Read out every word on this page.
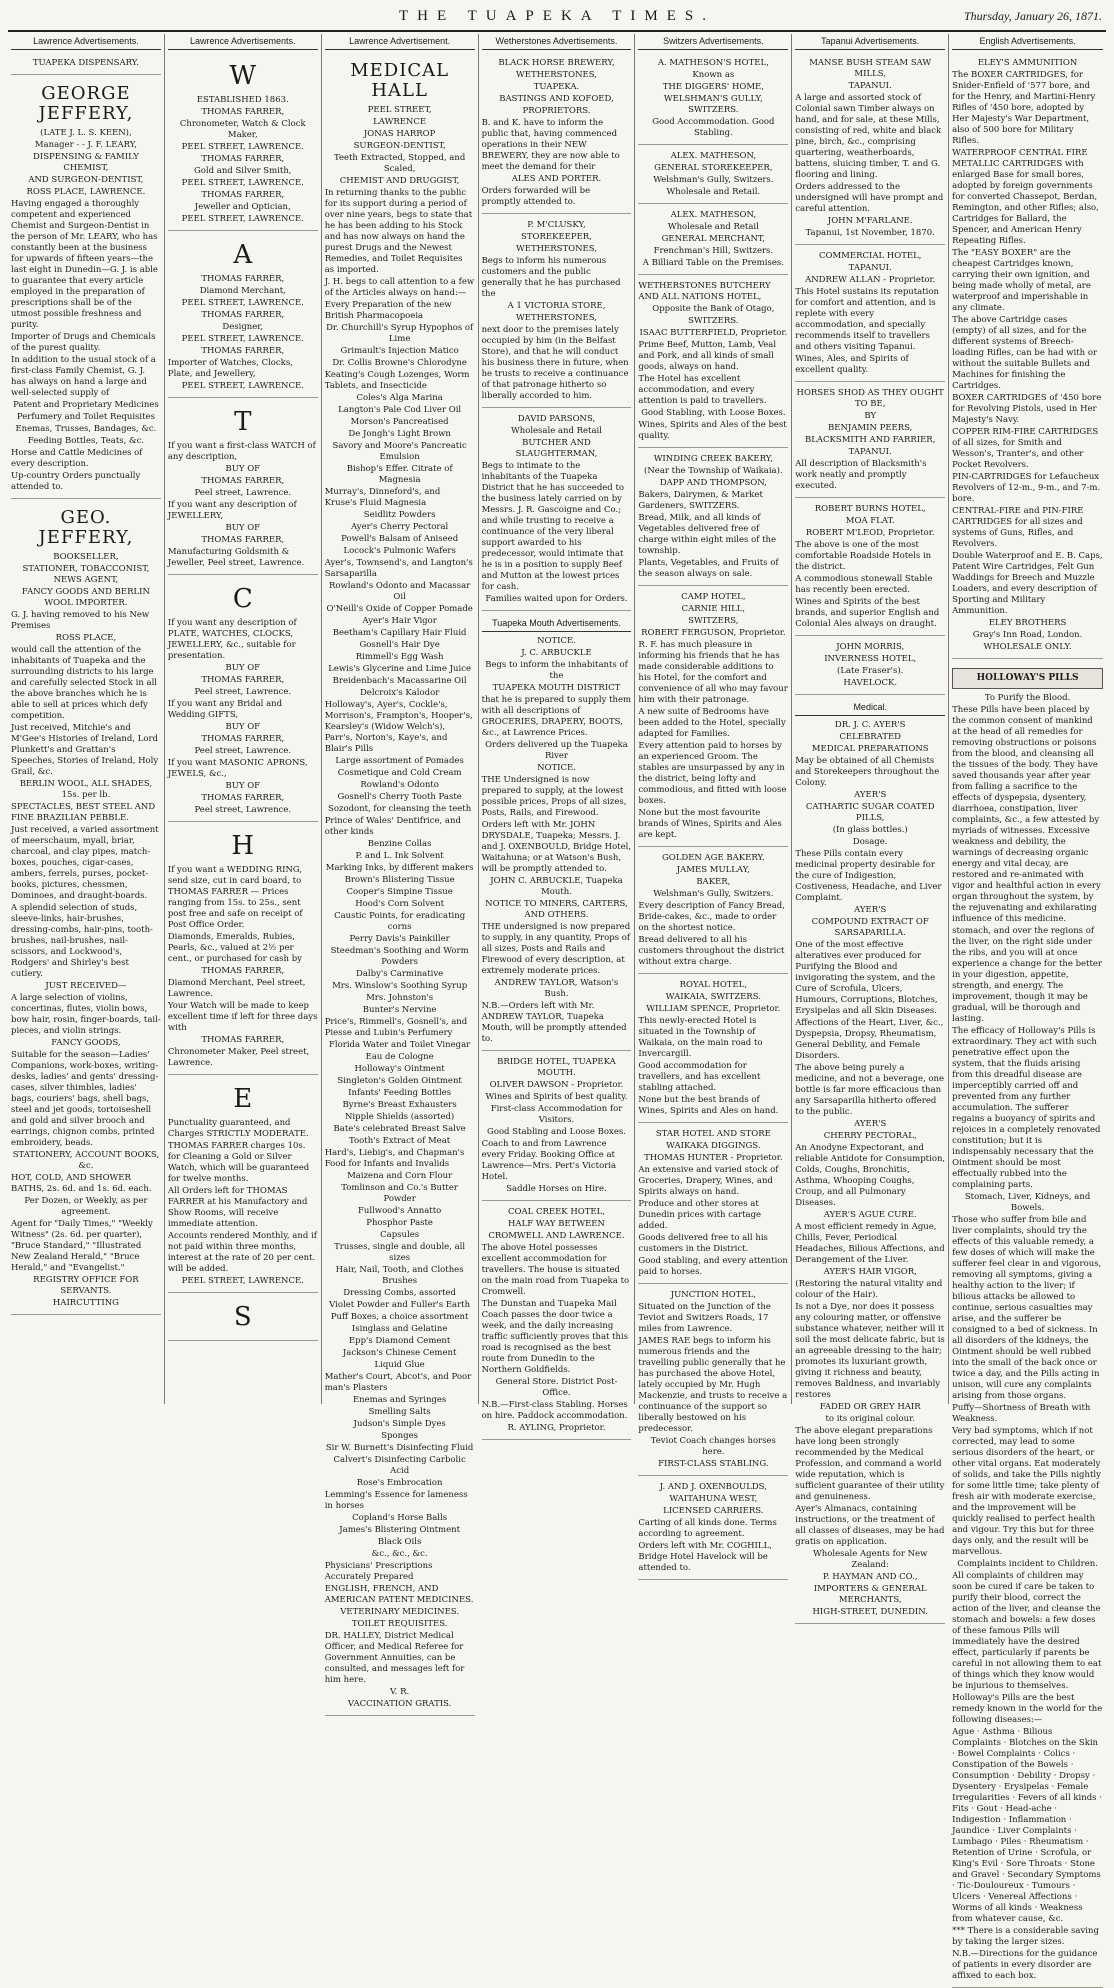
THE TUAPEKA TIMES.	Thursday, January 26, 1871.
Lawrence Advertisements.
TUAPEKA DISPENSARY.
GEORGE JEFFERY,
(LATE J. L. S. KEEN),
Manager - - J. F. LEARY,
DISPENSING & FAMILY CHEMIST,
AND SURGEON-DENTIST,
ROSS PLACE, LAWRENCE.
Having engaged a thoroughly competent and experienced Chemist and Surgeon-Dentist in the person of Mr. LEARY, who has constantly been at the business for upwards of fifteen years—the last eight in Dunedin—G. J. is able to guarantee that every article employed in the preparation of prescriptions shall be of the utmost possible freshness and purity.
Importer of Drugs and Chemicals of the purest quality.
In addition to the usual stock of a first-class Family Chemist, G. J. has always on hand a large and well-selected supply of
Patent and Proprietary Medicines
Perfumery and Toilet Requisites
Enemas, Trusses, Bandages, &c.
Feeding Bottles, Teats, &c.
Horse and Cattle Medicines of every description.
Up-country Orders punctually attended to.
GEO. JEFFERY,
BOOKSELLER,
STATIONER, TOBACCONIST, NEWS AGENT,
FANCY GOODS AND BERLIN WOOL IMPORTER.
G. J. having removed to his New Premises
ROSS PLACE,
would call the attention of the inhabitants of Tuapeka and the surrounding districts to his large and carefully selected Stock in all the above branches which he is able to sell at prices which defy competition.
Just received, Mitchie's and M'Gee's Histories of Ireland, Lord Plunkett's and Grattan's Speeches, Stories of Ireland, Holy Grail, &c.
BERLIN WOOL, ALL SHADES, 15s. per lb.
SPECTACLES, BEST STEEL AND FINE BRAZILIAN PEBBLE.
Just received, a varied assortment of meerschaum, myall, briar, charcoal, and clay pipes, match-boxes, pouches, cigar-cases, ambers, ferrels, purses, pocket-books, pictures, chessmen, Dominoes, and draught-boards.
A splendid selection of studs, sleeve-links, hair-brushes, dressing-combs, hair-pins, tooth-brushes, nail-brushes, nail-scissors, and Lockwood's, Rodgers' and Shirley's best cutlery.
JUST RECEIVED—
A large selection of violins, concertinas, flutes, violin bows, bow hair, rosin, finger-boards, tail-pieces, and violin strings.
FANCY GOODS,
Suitable for the season—Ladies' Companions, work-boxes, writing-desks, ladies' and gents' dressing-cases, silver thimbles, ladies' bags, couriers' bags, shell bags, steel and jet goods, tortoiseshell and gold and silver brooch and earrings, chignon combs, printed embroidery, beads.
STATIONERY, ACCOUNT BOOKS, &c.
HOT, COLD, AND SHOWER BATHS, 2s. 6d. and 1s. 6d. each.
Per Dozen, or Weekly, as per agreement.
Agent for "Daily Times," "Weekly Witness" (2s. 6d. per quarter), "Bruce Standard," "Illustrated New Zealand Herald," "Bruce Herald," and "Evangelist."
REGISTRY OFFICE FOR SERVANTS.
HAIRCUTTING
Lawrence Advertisements.
W
ESTABLISHED 1863.
THOMAS FARRER,
Chronometer, Watch & Clock Maker,
PEEL STREET, LAWRENCE.
THOMAS FARRER,
Gold and Silver Smith,
PEEL STREET, LAWRENCE.
THOMAS FARRER,
Jeweller and Optician,
PEEL STREET, LAWRENCE.
A
THOMAS FARRER,
Diamond Merchant,
PEEL STREET, LAWRENCE.
THOMAS FARRER,
Designer,
PEEL STREET, LAWRENCE.
THOMAS FARRER,
Importer of Watches, Clocks, Plate, and Jewellery,
PEEL STREET, LAWRENCE.
T
If you want a first-class WATCH of any description,
BUY OF
THOMAS FARRER,
Peel street, Lawrence.
If you want any description of JEWELLERY,
BUY OF
THOMAS FARRER,
Manufacturing Goldsmith & Jeweller, Peel street, Lawrence.
C
If you want any description of PLATE, WATCHES, CLOCKS, JEWELLERY, &c., suitable for presentation.
BUY OF
THOMAS FARRER,
Peel street, Lawrence.
If you want any Bridal and Wedding GIFTS,
BUY OF
THOMAS FARRER,
Peel street, Lawrence.
If you want MASONIC APRONS, JEWELS, &c.,
BUY OF
THOMAS FARRER,
Peel street, Lawrence.
H
If you want a WEDDING RING, send size, cut in card board, to THOMAS FARRER — Prices ranging from 15s. to 25s., sent post free and safe on receipt of Post Office Order.
Diamonds, Emeralds, Rubies, Pearls, &c., valued at 2½ per cent., or purchased for cash by
THOMAS FARRER,
Diamond Merchant, Peel street, Lawrence.
Your Watch will be made to keep excellent time if left for three days with
THOMAS FARRER,
Chronometer Maker, Peel street, Lawrence.
E
Punctuality guaranteed, and Charges STRICTLY MODERATE.
THOMAS FARRER charges 10s. for Cleaning a Gold or Silver Watch, which will be guaranteed for twelve months.
All Orders left for THOMAS FARRER at his Manufactory and Show Rooms, will receive immediate attention.
Accounts rendered Monthly, and if not paid within three months, interest at the rate of 20 per cent. will be added.
PEEL STREET, LAWRENCE.
S
Lawrence Advertisement.
MEDICAL HALL
PEEL STREET,
LAWRENCE
JONAS HARROP
SURGEON-DENTIST,
Teeth Extracted, Stopped, and Scaled,
CHEMIST AND DRUGGIST,
In returning thanks to the public for its support during a period of over nine years, begs to state that he has been adding to his Stock and has now always on hand the purest Drugs and the Newest Remedies, and Toilet Requisites as imported.
J. H. begs to call attention to a few of the Articles always on hand:—
Every Preparation of the new British Pharmacopoeia
Dr. Churchill's Syrup Hypophos of Lime
Grimault's Injection Matico
Dr. Collis Browne's Chlorodyne
Keating's Cough Lozenges, Worm Tablets, and Insecticide
Coles's Alga Marina
Langton's Pale Cod Liver Oil
Morson's Pancreatised
De Jongh's Light Brown
Savory and Moore's Pancreatic Emulsion
Bishop's Effer. Citrate of Magnesia
Murray's, Dinneford's, and Kruse's Fluid Magnesia
Seidlitz Powders
Ayer's Cherry Pectoral
Powell's Balsam of Aniseed
Locock's Pulmonic Wafers
Ayer's, Townsend's, and Langton's Sarsaparilla
Rowland's Odonto and Macassar Oil
O'Neill's Oxide of Copper Pomade
Ayer's Hair Vigor
Beetham's Capillary Hair Fluid
Gosnell's Hair Dye
Rimmell's Egg Wash
Lewis's Glycerine and Lime Juice
Breidenbach's Macassarine Oil
Delcroix's Kalodor
Holloway's, Ayer's, Cockle's, Morrison's, Frampton's, Hooper's, Kearsley's (Widow Welch's), Parr's, Norton's, Kaye's, and Blair's Pills
Large assortment of Pomades
Cosmetique and Cold Cream
Rowland's Odonto
Gosnell's Cherry Tooth Paste
Sozodont, for cleansing the teeth
Prince of Wales' Dentifrice, and other kinds
Benzine Collas
P. and L. Ink Solvent
Marking Inks, by different makers
Brown's Blistering Tissue
Cooper's Simpine Tissue
Hood's Corn Solvent
Caustic Points, for eradicating corns
Perry Davis's Painkiller
Steedman's Soothing and Worm Powders
Dalby's Carminative
Mrs. Winslow's Soothing Syrup
Mrs. Johnston's
Bunter's Nervine
Price's, Rimmell's, Gosnell's, and Piesse and Lubin's Perfumery
Florida Water and Toilet Vinegar
Eau de Cologne
Holloway's Ointment
Singleton's Golden Ointment
Infants' Feeding Bottles
Byrne's Breast Exhausters
Nipple Shields (assorted)
Bate's celebrated Breast Salve
Tooth's Extract of Meat
Hard's, Liebig's, and Chapman's Food for Infants and Invalids
Maizena and Corn Flour
Tomlinson and Co.'s Butter Powder
Fullwood's Annatto
Phosphor Paste
Capsules
Trusses, single and double, all sizes
Hair, Nail, Tooth, and Clothes Brushes
Dressing Combs, assorted
Violet Powder and Fuller's Earth
Puff Boxes, a choice assortment
Isinglass and Gelatine
Epp's Diamond Cement
Jackson's Chinese Cement
Liquid Glue
Mather's Court, Abcot's, and Poor man's Plasters
Enemas and Syringes
Smelling Salts
Judson's Simple Dyes
Sponges
Sir W. Burnett's Disinfecting Fluid
Calvert's Disinfecting Carbolic Acid
Rose's Embrocation
Lemming's Essence for lameness in horses
Copland's Horse Balls
James's Blistering Ointment
Black Oils
&c., &c., &c.
Physicians' Prescriptions Accurately Prepared
ENGLISH, FRENCH, AND AMERICAN PATENT MEDICINES.
VETERINARY MEDICINES.
TOILET REQUISITES.
DR. HALLEY, District Medical Officer, and Medical Referee for Government Annuities, can be consulted, and messages left for him here.
V. R.
VACCINATION GRATIS.
Wetherstones Advertisements.
BLACK HORSE BREWERY,
WETHERSTONES,
TUAPEKA.
BASTINGS AND KOFOED,
PROPRIETORS.
B. and K. have to inform the public that, having commenced operations in their NEW BREWERY, they are now able to meet the demand for their
ALES AND PORTER.
Orders forwarded will be promptly attended to.
P. M'CLUSKY,
STOREKEEPER,
WETHERSTONES,
Begs to inform his numerous customers and the public generally that he has purchased the
A 1 VICTORIA STORE,
WETHERSTONES,
next door to the premises lately occupied by him (in the Belfast Store), and that he will conduct his business there in future, when he trusts to receive a continuance of that patronage hitherto so liberally accorded to him.
DAVID PARSONS,
Wholesale and Retail
BUTCHER AND SLAUGHTERMAN,
Begs to intimate to the inhabitants of the Tuapeka District that he has succeeded to the business lately carried on by Messrs. J. R. Gascoigne and Co.; and while trusting to receive a continuance of the very liberal support awarded to his predecessor, would intimate that he is in a position to supply Beef and Mutton at the lowest prices for cash.
Families waited upon for Orders.
Tuapeka Mouth Advertisements.
NOTICE.
J. C. ARBUCKLE
Begs to inform the inhabitants of the
TUAPEKA MOUTH DISTRICT
that he is prepared to supply them with all descriptions of GROCERIES, DRAPERY, BOOTS, &c., at Lawrence Prices.
Orders delivered up the Tuapeka River
NOTICE.
THE Undersigned is now prepared to supply, at the lowest possible prices, Props of all sizes, Posts, Rails, and Firewood.
Orders left with Mr. JOHN DRYSDALE, Tuapeka; Messrs. J. and J. OXENBOULD, Bridge Hotel, Waitahuna; or at Watson's Bush, will be promptly attended to.
JOHN C. ARBUCKLE, Tuapeka Mouth.
NOTICE TO MINERS, CARTERS, AND OTHERS.
THE undersigned is now prepared to supply, in any quantity, Props of all sizes, Posts and Rails and Firewood of every description, at extremely moderate prices.
ANDREW TAYLOR, Watson's Bush.
N.B.—Orders left with Mr. ANDREW TAYLOR, Tuapeka Mouth, will be promptly attended to.
BRIDGE HOTEL, TUAPEKA MOUTH.
OLIVER DAWSON - Proprietor.
Wines and Spirits of best quality.
First-class Accommodation for Visitors.
Good Stabling and Loose Boxes.
Coach to and from Lawrence every Friday. Booking Office at Lawrence—Mrs. Pert's Victoria Hotel.
Saddle Horses on Hire.
COAL CREEK HOTEL,
HALF WAY BETWEEN
CROMWELL AND LAWRENCE.
The above Hotel possesses excellent accommodation for travellers. The house is situated on the main road from Tuapeka to Cromwell.
The Dunstan and Tuapeka Mail Coach passes the door twice a week, and the daily increasing traffic sufficiently proves that this road is recognised as the best route from Dunedin to the Northern Goldfields.
General Store. District Post-Office.
N.B.—First-class Stabling. Horses on hire. Paddock accommodation.
R. AYLING, Proprietor.
Switzers Advertisements.
A. MATHESON'S HOTEL,
Known as
THE DIGGERS' HOME,
WELSHMAN'S GULLY, SWITZERS.
Good Accommodation. Good Stabling.
ALEX. MATHESON,
GENERAL STOREKEEPER,
Welshman's Gully, Switzers.
Wholesale and Retail.
ALEX. MATHESON,
Wholesale and Retail
GENERAL MERCHANT,
Frenchman's Hill, Switzers.
A Billiard Table on the Premises.
WETHERSTONES BUTCHERY AND ALL NATIONS HOTEL,
Opposite the Bank of Otago,
SWITZERS.
ISAAC BUTTERFIELD, Proprietor.
Prime Beef, Mutton, Lamb, Veal and Pork, and all kinds of small goods, always on hand.
The Hotel has excellent accommodation, and every attention is paid to travellers.
Good Stabling, with Loose Boxes.
Wines, Spirits and Ales of the best quality.
WINDING CREEK BAKERY,
(Near the Township of Waikaia).
DAPP AND THOMPSON,
Bakers, Dairymen, & Market Gardeners, SWITZERS.
Bread, Milk, and all kinds of Vegetables delivered free of charge within eight miles of the township.
Plants, Vegetables, and Fruits of the season always on sale.
CAMP HOTEL,
CARNIE HILL,
SWITZERS,
ROBERT FERGUSON, Proprietor.
R. F. has much pleasure in informing his friends that he has made considerable additions to his Hotel, for the comfort and convenience of all who may favour him with their patronage.
A new suite of Bedrooms have been added to the Hotel, specially adapted for Families.
Every attention paid to horses by an experienced Groom. The stables are unsurpassed by any in the district, being lofty and commodious, and fitted with loose boxes.
None but the most favourite brands of Wines, Spirits and Ales are kept.
GOLDEN AGE BAKERY.
JAMES MULLAY,
BAKER,
Welshman's Gully, Switzers.
Every description of Fancy Bread, Bride-cakes, &c., made to order on the shortest notice.
Bread delivered to all his customers throughout the district without extra charge.
ROYAL HOTEL,
WAIKAIA, SWITZERS.
WILLIAM SPENCE, Proprietor.
This newly-erected Hotel is situated in the Township of Waikaia, on the main road to Invercargill.
Good accommodation for travellers, and has excellent stabling attached.
None but the best brands of Wines, Spirits and Ales on hand.
STAR HOTEL AND STORE
WAIKAKA DIGGINGS.
THOMAS HUNTER - Proprietor.
An extensive and varied stock of Groceries, Drapery, Wines, and Spirits always on hand.
Produce and other stores at Dunedin prices with cartage added.
Goods delivered free to all his customers in the District.
Good stabling, and every attention paid to horses.
JUNCTION HOTEL,
Situated on the Junction of the Teviot and Switzers Roads, 17 miles from Lawrence.
JAMES RAE begs to inform his numerous friends and the travelling public generally that he has purchased the above Hotel, lately occupied by Mr. Hugh Mackenzie, and trusts to receive a continuance of the support so liberally bestowed on his predecessor.
Teviot Coach changes horses here.
FIRST-CLASS STABLING.
J. AND J. OXENBOULDS,
WAITAHUNA WEST,
LICENSED CARRIERS.
Carting of all kinds done. Terms according to agreement.
Orders left with Mr. COGHILL, Bridge Hotel Havelock will be attended to.
Tapanui Advertisements.
MANSE BUSH STEAM SAW MILLS,
TAPANUI.
A large and assorted stock of Colonial sawn Timber always on hand, and for sale, at these Mills, consisting of red, white and black pine, birch, &c., comprising quartering, weatherboards, battens, sluicing timber, T. and G. flooring and lining.
Orders addressed to the undersigned will have prompt and careful attention.
JOHN M'FARLANE.
Tapanui, 1st November, 1870.
COMMERCIAL HOTEL,
TAPANUI.
ANDREW ALLAN - Proprietor.
This Hotel sustains its reputation for comfort and attention, and is replete with every accommodation, and specially recommends itself to travellers and others visiting Tapanui.
Wines, Ales, and Spirits of excellent quality.
HORSES SHOD AS THEY OUGHT TO BE,
BY
BENJAMIN PEERS,
BLACKSMITH AND FARRIER,
TAPANUI.
All description of Blacksmith's work neatly and promptly executed.
ROBERT BURNS HOTEL,
MOA FLAT.
ROBERT M'LEOD, Proprietor.
The above is one of the most comfortable Roadside Hotels in the district.
A commodious stonewall Stable has recently been erected.
Wines and Spirits of the best brands, and superior English and Colonial Ales always on draught.
JOHN MORRIS,
INVERNESS HOTEL,
(Late Fraser's).
HAVELOCK.
Medical.
DR. J. C. AYER'S
CELEBRATED
MEDICAL PREPARATIONS
May be obtained of all Chemists and Storekeepers throughout the Colony.
AYER'S
CATHARTIC SUGAR COATED PILLS,
(In glass bottles.)
Dosage.
These Pills contain every medicinal property desirable for the cure of Indigestion, Costiveness, Headache, and Liver Complaint.
AYER'S
COMPOUND EXTRACT OF SARSAPARILLA.
One of the most effective alteratives ever produced for Purifying the Blood and invigorating the system, and the Cure of Scrofula, Ulcers, Humours, Corruptions, Blotches, Erysipelas and all Skin Diseases.
Affections of the Heart, Liver, &c., Dyspepsia, Dropsy, Rheumatism, General Debility, and Female Disorders.
The above being purely a medicine, and not a beverage, one bottle is far more efficacious than any Sarsaparilla hitherto offered to the public.
AYER'S
CHERRY PECTORAL,
An Anodyne Expectorant, and reliable Antidote for Consumption, Colds, Coughs, Bronchitis, Asthma, Whooping Coughs, Croup, and all Pulmonary Diseases.
AYER'S AGUE CURE.
A most efficient remedy in Ague, Chills, Fever, Periodical Headaches, Bilious Affections, and Derangement of the Liver.
AYER'S HAIR VIGOR,
(Restoring the natural vitality and colour of the Hair).
Is not a Dye, nor does it possess any colouring matter, or offensive substance whatever, neither will it soil the most delicate fabric, but is an agreeable dressing to the hair; promotes its luxuriant growth, giving it richness and beauty, removes Baldness, and invariably restores
FADED OR GREY HAIR
to its original colour.
The above elegant preparations have long been strongly recommended by the Medical Profession, and command a world wide reputation, which is sufficient guarantee of their utility and genuineness.
Ayer's Almanacs, containing instructions, or the treatment of all classes of diseases, may be had gratis on application.
Wholesale Agents for New Zealand:
P. HAYMAN AND CO.,
IMPORTERS & GENERAL MERCHANTS,
HIGH-STREET, DUNEDIN.
English Advertisements.
ELEY'S AMMUNITION
The BOXER CARTRIDGES, for Snider-Enfield of '577 bore, and for the Henry, and Martini-Henry Rifles of '450 bore, adopted by Her Majesty's War Department, also of 500 bore for Military Rifles.
WATERPROOF CENTRAL FIRE METALLIC CARTRIDGES with enlarged Base for small bores, adopted by foreign governments for converted Chassepot, Berdan, Remington, and other Rifles; also, Cartridges for Ballard, the Spencer, and American Henry Repeating Rifles.
The "EASY BOXER" are the cheapest Cartridges known, carrying their own ignition, and being made wholly of metal, are waterproof and imperishable in any climate.
The above Cartridge cases (empty) of all sizes, and for the different systems of Breech-loading Rifles, can be had with or without the suitable Bullets and Machines for finishing the Cartridges.
BOXER CARTRIDGES of '450 bore for Revolving Pistols, used in Her Majesty's Navy.
COPPER RIM-FIRE CARTRIDGES of all sizes, for Smith and Wesson's, Tranter's, and other Pocket Revolvers.
PIN-CARTRIDGES for Lefaucheux Revolvers of 12-m., 9-m., and 7-m. bore.
CENTRAL-FIRE and PIN-FIRE CARTRIDGES for all sizes and systems of Guns, Rifles, and Revolvers.
Double Waterproof and E. B. Caps, Patent Wire Cartridges, Felt Gun Waddings for Breech and Muzzle Loaders, and every description of Sporting and Military Ammunition.
ELEY BROTHERS
Gray's Inn Road, London.
WHOLESALE ONLY.
HOLLOWAY'S PILLS
To Purify the Blood.
These Pills have been placed by the common consent of mankind at the head of all remedies for removing obstructions or poisons from the blood, and cleansing all the tissues of the body. They have saved thousands year after year from falling a sacrifice to the effects of dyspepsia, dysentery, diarrhoea, constipation, liver complaints, &c., a few attested by myriads of witnesses. Excessive weakness and debility, the warnings of decreasing organic energy and vital decay, are restored and re-animated with vigor and healthful action in every organ throughout the system, by the rejuvenating and exhilarating influence of this medicine.
stomach, and over the regions of the liver, on the right side under the ribs, and you will at once experience a change for the better in your digestion, appetite, strength, and energy. The improvement, though it may be gradual, will be thorough and lasting.
The efficacy of Holloway's Pills is extraordinary. They act with such penetrative effect upon the system, that the fluids arising from this dreadful disease are imperceptibly carried off and prevented from any further accumulation. The sufferer regains a buoyancy of spirits and rejoices in a completely renovated constitution; but it is indispensably necessary that the Ointment should be most effectually rubbed into the complaining parts.
Stomach, Liver, Kidneys, and Bowels.
Those who suffer from bile and liver complaints, should try the effects of this valuable remedy, a few doses of which will make the sufferer feel clear in and vigorous, removing all symptoms, giving a healthy action to the liver; if bilious attacks be allowed to continue, serious casualties may arise, and the sufferer be consigned to a bed of sickness. In all disorders of the kidneys, the Ointment should be well rubbed into the small of the back once or twice a day, and the Pills acting in unison, will cure any complaints arising from those organs.
Puffy—Shortness of Breath with Weakness.
Very bad symptoms, which if not corrected, may lead to some serious disorders of the heart, or other vital organs. Eat moderately of solids, and take the Pills nightly for some little time; take plenty of fresh air with moderate exercise, and the improvement will be quickly realised to perfect health and vigour. Try this but for three days only, and the result will be marvellous.
Complaints incident to Children.
All complaints of children may soon be cured if care be taken to purify their blood, correct the action of the liver, and cleanse the stomach and bowels: a few doses of these famous Pills will immediately have the desired effect, particularly if parents be careful in not allowing them to eat of things which they know would be injurious to themselves.
Holloway's Pills are the best remedy known in the world for the following diseases:—
Ague · Asthma · Bilious Complaints · Blotches on the Skin · Bowel Complaints · Colics · Constipation of the Bowels · Consumption · Debility · Dropsy · Dysentery · Erysipelas · Female Irregularities · Fevers of all kinds · Fits · Gout · Head-ache · Indigestion · Inflammation · Jaundice · Liver Complaints · Lumbago · Piles · Rheumatism · Retention of Urine · Scrofula, or King's Evil · Sore Throats · Stone and Gravel · Secondary Symptoms · Tic-Douloureux · Tumours · Ulcers · Venereal Affections · Worms of all kinds · Weakness from whatever cause, &c.
*** There is a considerable saving by taking the larger sizes.
N.B.—Directions for the guidance of patients in every disorder are affixed to each box.
